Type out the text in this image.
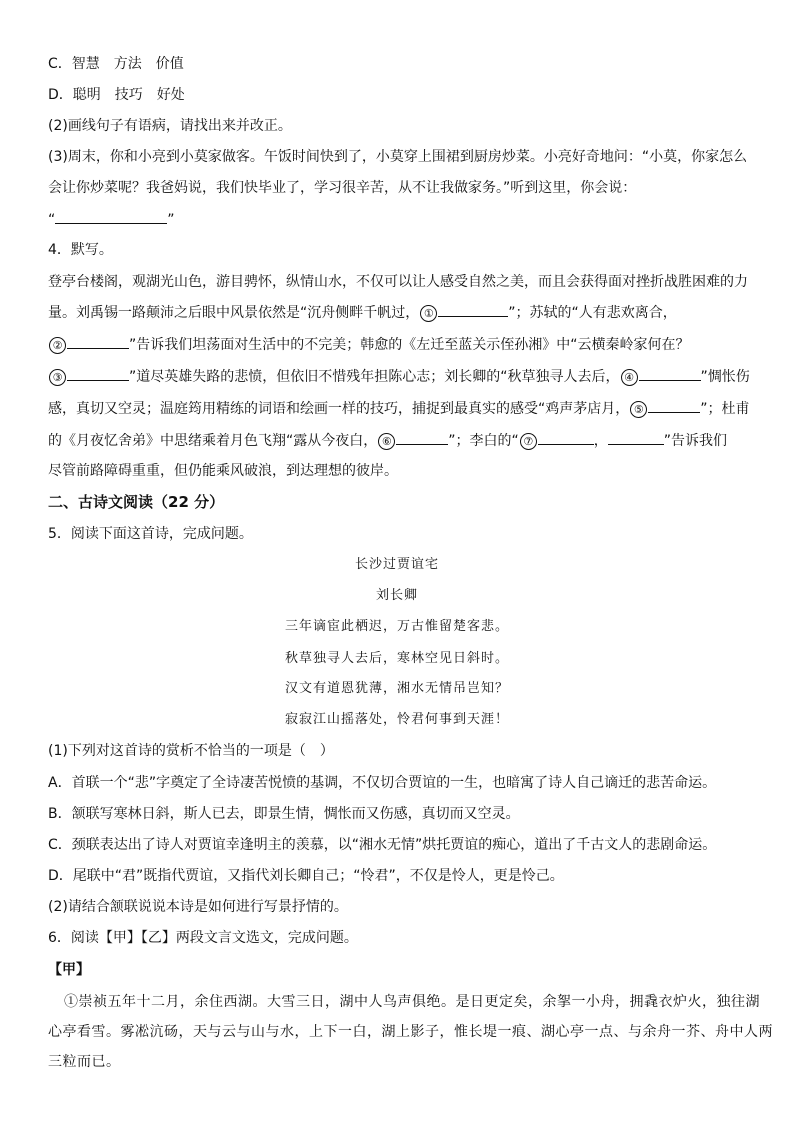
C．智慧　方法　价值
D．聪明　技巧　好处
(2)画线句子有语病，请找出来并改正。
(3)周末，你和小亮到小莫家做客。午饭时间快到了，小莫穿上围裙到厨房炒菜。小亮好奇地问：“小莫，你家怎么
会让你炒菜呢？我爸妈说，我们快毕业了，学习很辛苦，从不让我做家务。”听到这里，你会说：
“	”
4．默写。
登亭台楼阁，观湖光山色，游目骋怀，纵情山水，不仅可以让人感受自然之美，而且会获得面对挫折战胜困难的力
量。刘禹锡一路颠沛之后眼中风景依然是“沉舟侧畔千帆过， ①	”；苏轼的“人有悲欢离合，
②	”告诉我们坦荡面对生活中的不完美；韩愈的《左迁至蓝关示侄孙湘》中“云横秦岭家何在？
③	”道尽英雄失路的悲愤，但依旧不惜残年担陈心志；刘长卿的“秋草独寻人去后， ④	”惆怅伤
感，真切又空灵；温庭筠用精练的词语和绘画一样的技巧，捕捉到最真实的感受“鸡声茅店月， ⑤	”；杜甫
的《月夜忆舍弟》中思绪乘着月色飞翔“露从今夜白， ⑥	”；李白的“ ⑦	，	”告诉我们
尽管前路障碍重重，但仍能乘风破浪，到达理想的彼岸。
二、古诗文阅读（22 分）
5．阅读下面这首诗，完成问题。
长沙过贾谊宅
刘长卿
三年谪宦此栖迟，万古惟留楚客悲。
秋草独寻人去后，寒林空见日斜时。
汉文有道恩犹薄，湘水无情吊岂知？
寂寂江山摇落处，怜君何事到天涯！
(1)下列对这首诗的赏析不恰当的一项是（　）
A．首联一个“悲”字奠定了全诗凄苦悦愤的基调，不仅切合贾谊的一生，也暗寓了诗人自己谪迁的悲苦命运。
B．颔联写寒林日斜，斯人已去，即景生情，惆怅而又伤感，真切而又空灵。
C．颈联表达出了诗人对贾谊幸逢明主的羡慕，以“湘水无情”烘托贾谊的痴心，道出了千古文人的悲剧命运。
D．尾联中“君”既指代贾谊，又指代刘长卿自己；“怜君”，不仅是怜人，更是怜己。
(2)请结合颔联说说本诗是如何进行写景抒情的。
6．阅读【甲】【乙】两段文言文选文，完成问题。
【甲】
①崇祯五年十二月，余住西湖。大雪三日，湖中人鸟声俱绝。是日更定矣，余挐一小舟，拥毳衣炉火，独往湖
心亭看雪。雾凇沆砀，天与云与山与水，上下一白，湖上影子，惟长堤一痕、湖心亭一点、与余舟一芥、舟中人两
三粒而已。
